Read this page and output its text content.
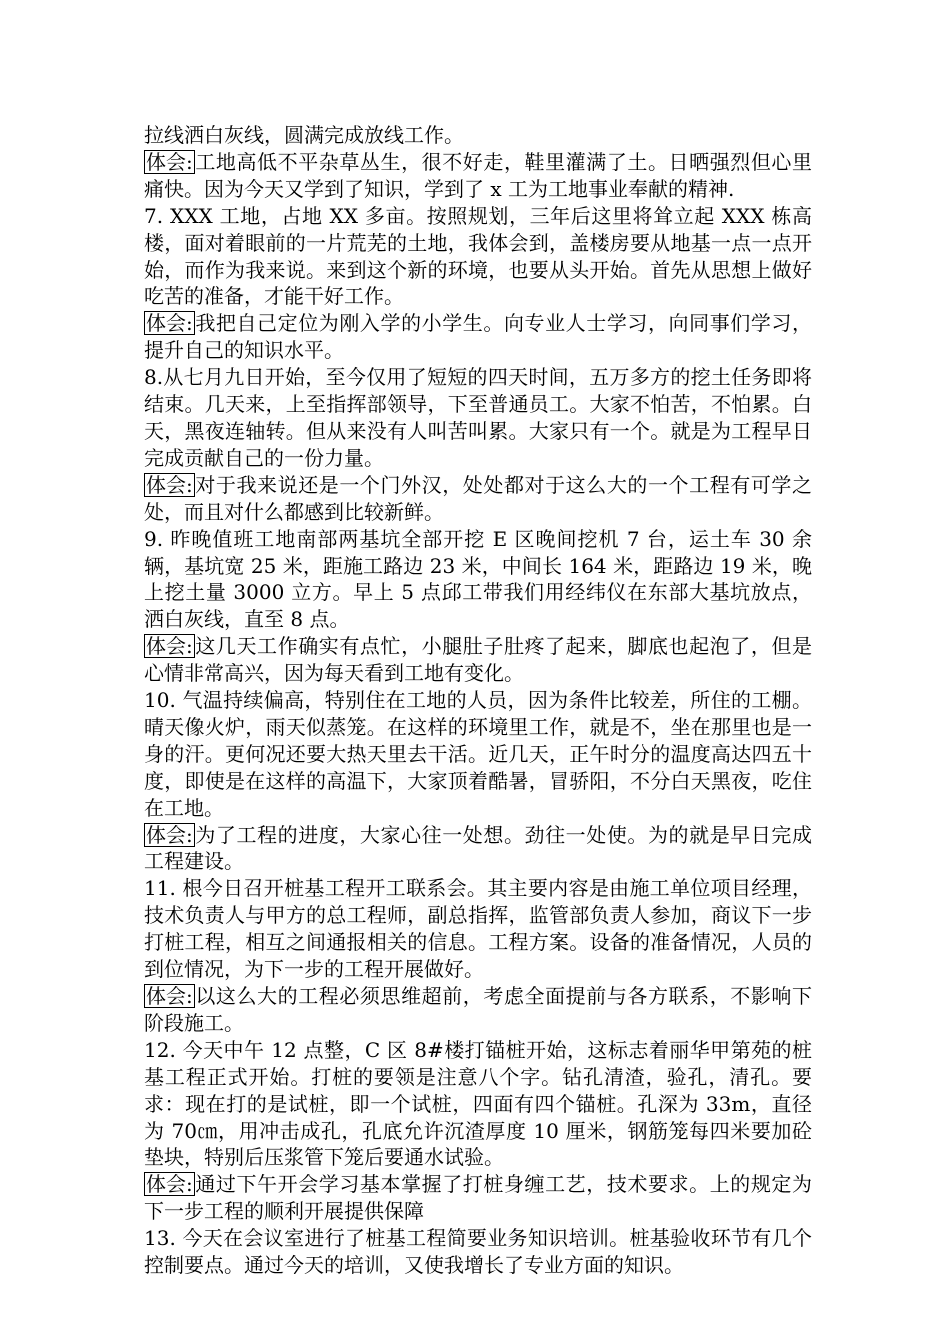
拉线洒白灰线，圆满完成放线工作。

体会: 工地高低不平杂草丛生，很不好走，鞋里灌满了土。日晒强烈但心里痛快。因为今天又学到了知识，学到了 x 工为工地事业奉献的精神.

7. XXX 工地，占地 XX 多亩。按照规划，三年后这里将耸立起 XXX 栋高楼，面对着眼前的一片荒芜的土地，我体会到，盖楼房要从地基一点一点开始，而作为我来说。来到这个新的环境，也要从头开始。首先从思想上做好吃苦的准备，才能干好工作。

体会: 我把自己定位为刚入学的小学生。向专业人士学习，向同事们学习，提升自己的知识水平。

8.从七月九日开始，至今仅用了短短的四天时间，五万多方的挖土任务即将结束。几天来，上至指挥部领导，下至普通员工。大家不怕苦，不怕累。白天，黑夜连轴转。但从来没有人叫苦叫累。大家只有一个。就是为工程早日完成贡献自己的一份力量。

体会: 对于我来说还是一个门外汉，处处都对于这么大的一个工程有可学之处，而且对什么都感到比较新鲜。

9. 昨晚值班工地南部两基坑全部开挖 E 区晚间挖机 7 台，运土车 30 余辆，基坑宽 25 米，距施工路边 23 米，中间长 164 米，距路边 19 米，晚上挖土量 3000 立方。早上 5 点邱工带我们用经纬仪在东部大基坑放点，洒白灰线，直至 8 点。

体会: 这几天工作确实有点忙，小腿肚子肚疼了起来，脚底也起泡了，但是心情非常高兴，因为每天看到工地有变化。

10. 气温持续偏高，特别住在工地的人员，因为条件比较差，所住的工棚。晴天像火炉，雨天似蒸笼。在这样的环境里工作，就是不，坐在那里也是一身的汗。更何况还要大热天里去干活。近几天，正午时分的温度高达四五十度，即使是在这样的高温下，大家顶着酷暑，冒骄阳，不分白天黑夜，吃住在工地。

体会: 为了工程的进度，大家心往一处想。劲往一处使。为的就是早日完成工程建设。

11. 根今日召开桩基工程开工联系会。其主要内容是由施工单位项目经理，技术负责人与甲方的总工程师，副总指挥，监管部负责人参加，商议下一步打桩工程，相互之间通报相关的信息。工程方案。设备的准备情况，人员的到位情况，为下一步的工程开展做好。

体会: 以这么大的工程必须思维超前，考虑全面提前与各方联系，不影响下阶段施工。

12. 今天中午 12 点整，C 区 8#楼打锚桩开始，这标志着丽华甲第苑的桩基工程正式开始。打桩的要领是注意八个字。钻孔清渣，验孔，清孔。要求：现在打的是试桩，即一个试桩，四面有四个锚桩。孔深为 33m，直径为 70㎝，用冲击成孔，孔底允许沉渣厚度 10 厘米，钢筋笼每四米要加砼垫块，特别后压浆管下笼后要通水试验。

体会: 通过下午开会学习基本掌握了打桩身缠工艺，技术要求。上的规定为下一步工程的顺利开展提供保障

13. 今天在会议室进行了桩基工程简要业务知识培训。桩基验收环节有几个控制要点。通过今天的培训，又使我增长了专业方面的知识。
